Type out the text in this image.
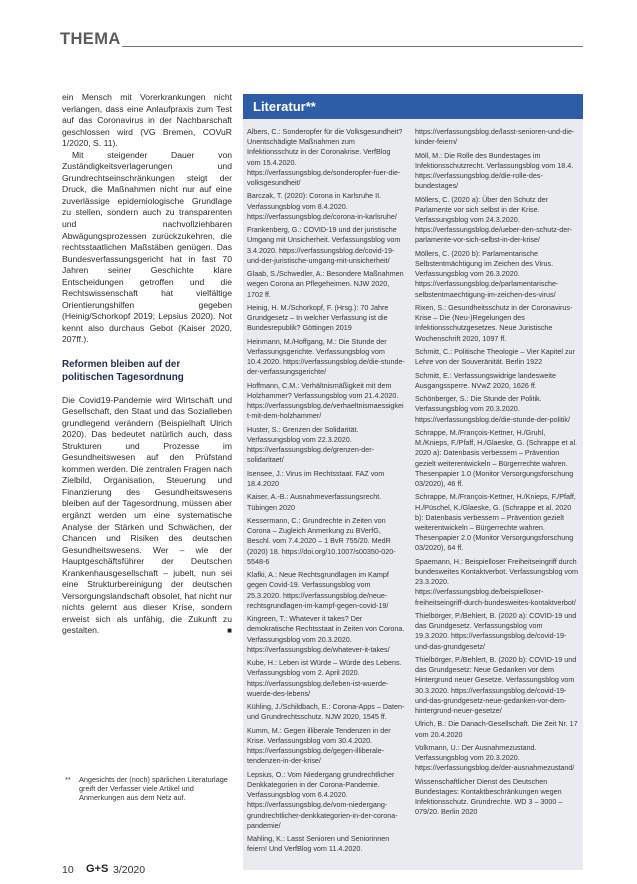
THEMA

ein Mensch mit Vorerkrankungen nicht verlangen, dass eine Anlaufpraxis zum Test auf das Coronavirus in der Nachbarschaft geschlossen wird (VG Bremen, COVuR 1/2020, S. 11).

Mit steigender Dauer von Zuständigkeitsverlagerungen und Grundrechtseinschränkungen steigt der Druck, die Maßnahmen nicht nur auf eine zuverlässige epidemiologische Grundlage zu stellen, sondern auch zu transparenten und nachvollziehbaren Abwägungsprozessen zurückzukehren, die rechtsstaatlichen Maßstäben genügen. Das Bundesverfassungsgericht hat in fast 70 Jahren seiner Geschichte klare Entscheidungen getroffen und die Rechtswissenschaft hat vielfältige Orientierungshilfen gegeben (Heinig/Schorkopf 2019; Lepsius 2020). Not kennt also durchaus Gebot (Kaiser 2020, 207ff.).

Reformen bleiben auf der politischen Tagesordnung

Die Covid19-Pandemie wird Wirtschaft und Gesellschaft, den Staat und das Sozialleben grundlegend verändern (Beispielhaft Ulrich 2020). Das bedeutet natürlich auch, dass Strukturen und Prozesse im Gesundheitswesen auf den Prüfstand kommen werden. Die zentralen Fragen nach Zielbild, Organisation, Steuerung und Finanzierung des Gesundheitswesens bleiben auf der Tagesordnung, müssen aber ergänzt werden um eine systematische Analyse der Stärken und Schwächen, der Chancen und Risiken des deutschen Gesundheitswesens. Wer – wie der Hauptgeschäftsführer der Deutschen Krankenhausgesellschaft – jubelt, nun sei eine Strukturbereinigung der deutschen Versorgungslandschaft obsolet, hat nicht nur nichts gelernt aus dieser Krise, sondern erweist sich als unfähig, die Zukunft zu gestalten.	■

** Angesichts der (noch) spärlichen Literaturlage greift der Verfasser viele Artikel und Anmerkungen aus dem Netz auf.
Literatur**
Albers, C.: Sonderopfer für die Volksgesundheit? Unentschädigte Maßnahmen zum Infektionsschutz in der Coronakrise. VerfBlog vom 15.4.2020. https://verfassungsblog.de/sonderopfer-fuer-die-volksgesundheit/
Barczak, T. (2020): Corona in Karlsruhe II. Verfassungsblog vom 8.4.2020. https://verfassungsblog.de/corona-in-karlsruhe/
Frankenberg, G.: COVID-19 und der juristische Umgang mit Unsicherheit. Verfassungsblog vom 3.4.2020. https://verfassungsblog.de/covid-19-und-der-juristische-umgang-mit-unsicherheit/
Glaab, S./Schwedler, A.: Besondere Maßnahmen wegen Corona an Pflegeheimen. NJW 2020, 1702 ff.
Heinig, H. M./Schorkopf, F. (Hrsg.): 70 Jahre Grundgesetz – In welcher Verfassung ist die Bundesrepublik? Göttingen 2019
Heinmann, M./Hoffgang, M.: Die Stunde der Verfassungsgerichte. Verfassungsblog vom 10.4.2020. https://verfassungsblog.de/die-stunde-der-verfassungsgerichte/
Hoffmann, C.M.: Verhältnismäßigkeit mit dem Holzhammer? Verfassungsblog vom 21.4.2020. https://verfassungsblog.de/verhaeltnismaessigkeit-mit-dem-holzhammer/
Huster, S.: Grenzen der Solidarität. Verfassungsblog vom 22.3.2020. https://verfassungsblog.de/grenzen-der-solidaritaet/
Isensee, J.: Virus im Rechtsstaat. FAZ vom 18.4.2020
Kaiser, A.-B.: Ausnahmeverfassungsrecht. Tübingen 2020
Kessermann, C.: Grundrechte in Zeiten von Corona – Zugleich Anmerkung zu BVerfG, Beschl. vom 7.4.2020 – 1 BvR 755/20. MedR (2020) 18. https://doi.org/10.1007/s00350-020-5548-6
Klafki, A.: Neue Rechtsgrundlagen im Kampf gegen Covid-19. Verfassungsblog vom 25.3.2020. https://verfassungsblog.de/neue-rechtsgrundlagen-im-kampf-gegen-covid-19/
Kingreen, T.: Whatever it takes? Der demokratische Rechtsstaat in Zeiten von Corona. Verfassungsblog vom 20.3.2020. https://verfassungsblog.de/whatever-it-takes/
Kube, H.: Leben ist Würde – Würde des Lebens. Verfassungsblog vom 2. April 2020. https://verfassungsblog.de/leben-ist-wuerde-wuerde-des-lebens/
Kühling, J./Schildbach, E.: Corona-Apps – Daten- und Grundrechtsschutz. NJW 2020, 1545 ff.
Kumm, M.: Gegen illiberale Tendenzen in der Krise. Verfassungsblog vom 30.4.2020. https://verfassungsblog.de/gegen-illiberale-tendenzen-in-der-krise/
Lepsius, O.: Vom Niedergang grundrechtlicher Denkkategorien in der Corona-Pandemie. Verfassungsblog vom 6.4.2020. https://verfassungsblog.de/vom-niedergang-grundrechtlicher-denkkategorien-in-der-corona-pandemie/
Mahling, K.: Lasst Senioren und Seniorinnen feiern! Und VerfBlog vom 11.4.2020.
https://verfassungsblog.de/lasst-senioren-und-die-kinder-feiern/
Möll, M.: Die Rolle des Bundestages im Infektionsschutzrecht. Verfassungsblog vom 18.4. https://verfassungsblog.de/die-rolle-des-bundestages/
Möllers, C. (2020 a): Über den Schutz der Parlamente vor sich selbst in der Krise. Verfassungsblog vom 24.3.2020. https://verfassungsblog.de/ueber-den-schutz-der-parlamente-vor-sich-selbst-in-der-krise/
Möllers, C. (2020 b): Parlamentarische Selbstentmächtigung im Zeichen des Virus. Verfassungsblog vom 26.3.2020. https://verfassungsblog.de/parlamentarische-selbstentmaechtigung-im-zeichen-des-virus/
Rixen, S.: Gesundheitsschutz in der Coronavirus-Krise – Die (Neu-)Regelungen des Infektionsschutzgesetzes. Neue Juristische Wochenschrift 2020, 1097 ff.
Schmitt, C.: Politische Theologie – Vier Kapitel zur Lehre von der Souveränität. Berlin 1922
Schmitt, E.: Verfassungswidrige landesweite Ausgangssperre. NVwZ 2020, 1626 ff.
Schönberger, S.: Die Stunde der Politik. Verfassungsblog vom 20.3.2020. https://verfassungsblog.de/die-stunde-der-politik/
Schrappe, M./François-Kettner, H./Gruhl, M./Knieps, F./Pfaff, H./Glaeske, G. (Schrappe et al. 2020 a): Datenbasis verbessern – Prävention gezielt weiterentwickeln – Bürgerrechte wahren. Thesenpapier 1.0 (Monitor Versorgungsforschung 03/2020), 46 ff.
Schrappe, M./François-Kettner, H./Knieps, F./Pfaff, H./Püschel, K./Glaeske, G. (Schrappe et al. 2020 b): Datenbasis verbessern – Prävention gezielt weiterentwickeln – Bürgerrechte wahren. Thesenpapier 2.0 (Monitor Versorgungsforschung 03/2020), 64 ff.
Spaemann, H.: Beispielloser Freiheitseingriff durch bundesweites Kontaktverbot. Verfassungsblog vom 23.3.2020. https://verfassungsblog.de/beispielloser-freiheitseingriff-durch-bundesweites-kontaktverbot/
Thielbörger, P./Behlert, B. (2020 a): COVID-19 und das Grundgesetz. Verfassungsblog vom 19.3.2020. https://verfassungsblog.de/covid-19-und-das-grundgesetz/
Thielbörger, P./Behlert, B. (2020 b): COVID-19 und das Grundgesetz: Neue Gedanken vor dem Hintergrund neuer Gesetze. Verfassungsblog vom 30.3.2020. https://verfassungsblog.de/covid-19-und-das-grundgesetz-neue-gedanken-vor-dem-hintergrund-neuer-gesetze/
Ulrich, B.: Die Danach-Gesellschaft. Die Zeit Nr. 17 vom 20.4.2020
Volkmann, U.: Der Ausnahmezustand. Verfassungsblog vom 20.3.2020. https://verfassungsblog.de/der-ausnahmezustand/
Wissenschaftlicher Dienst des Deutschen Bundestages: Kontaktbeschränkungen wegen Infektionsschutz. Grundrechte. WD 3 – 3000 – 079/20. Berlin 2020
10 G+S 3/2020
